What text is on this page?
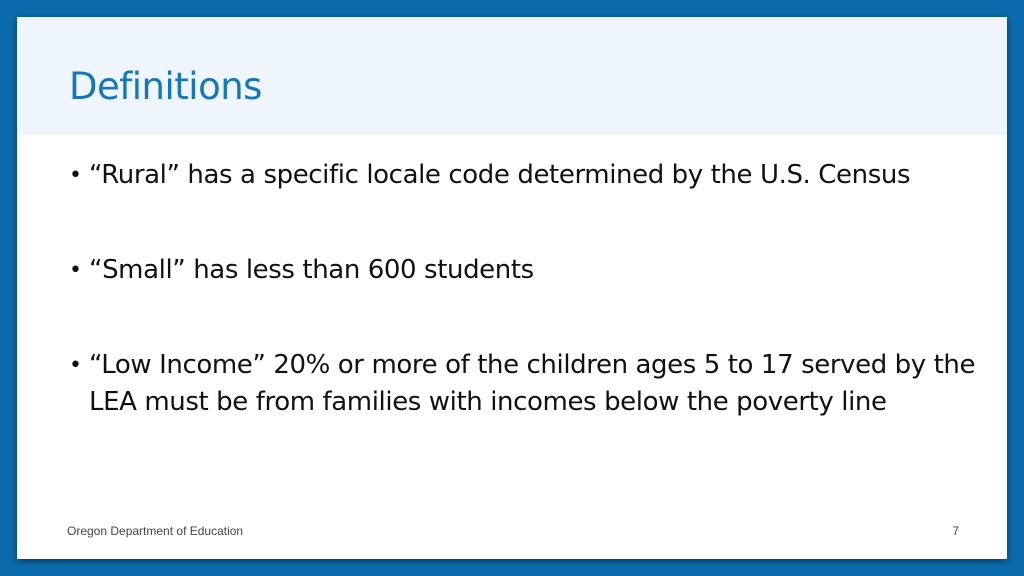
Definitions
• “Rural” has a specific locale code determined by the U.S. Census
• “Small” has less than 600 students
• “Low Income” 20% or more of the children ages 5 to 17 served by the LEA must be from families with incomes below the poverty line
Oregon Department of Education	7
